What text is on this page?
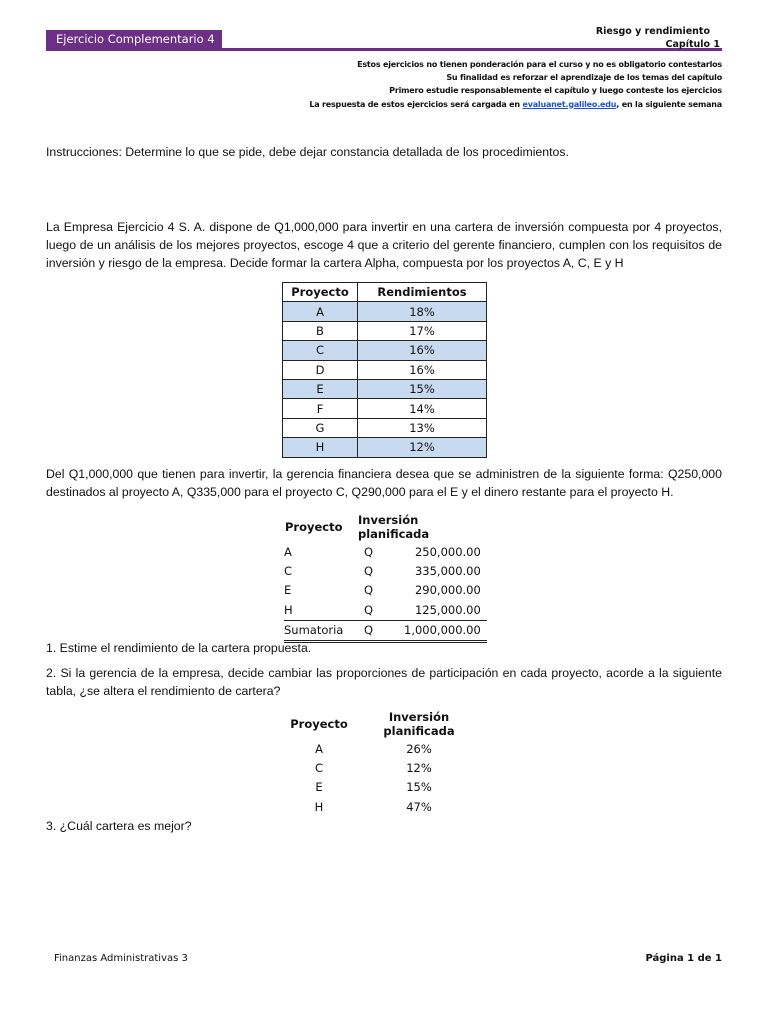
Ejercicio Complementario 4
Riesgo y rendimiento
Capítulo 1
Estos ejercicios no tienen ponderación para el curso y no es obligatorio contestarlos
Su finalidad es reforzar el aprendizaje de los temas del capítulo
Primero estudie responsablemente el capítulo y luego conteste los ejercicios
La respuesta de estos ejercicios será cargada en evaluanet.galileo.edu, en la siguiente semana
Instrucciones: Determine lo que se pide, debe dejar constancia detallada de los procedimientos.
La Empresa Ejercicio 4 S. A. dispone de Q1,000,000 para invertir en una cartera de inversión compuesta por 4 proyectos, luego de un análisis de los mejores proyectos, escoge 4 que a criterio del gerente financiero, cumplen con los requisitos de inversión y riesgo de la empresa. Decide formar la cartera Alpha, compuesta por los proyectos A, C, E y H
Proyecto	Rendimientos
A	18%
B	17%
C	16%
D	16%
E	15%
F	14%
G	13%
H	12%
Del Q1,000,000 que tienen para invertir, la gerencia financiera desea que se administren de la siguiente forma: Q250,000 destinados al proyecto A, Q335,000 para el proyecto C, Q290,000 para el E y el dinero restante para el proyecto H.
Proyecto	Inversión planificada	
A	Q	250,000.00
C	Q	335,000.00
E	Q	290,000.00
H	Q	125,000.00
Sumatoria	Q	1,000,000.00
1. Estime el rendimiento de la cartera propuesta.
2. Si la gerencia de la empresa, decide cambiar las proporciones de participación en cada proyecto, acorde a la siguiente tabla, ¿se altera el rendimiento de cartera?
Proyecto	Inversión planificada
A	26%
C	12%
E	15%
H	47%
3. ¿Cuál cartera es mejor?
Finanzas Administrativas 3	Página 1 de 1
